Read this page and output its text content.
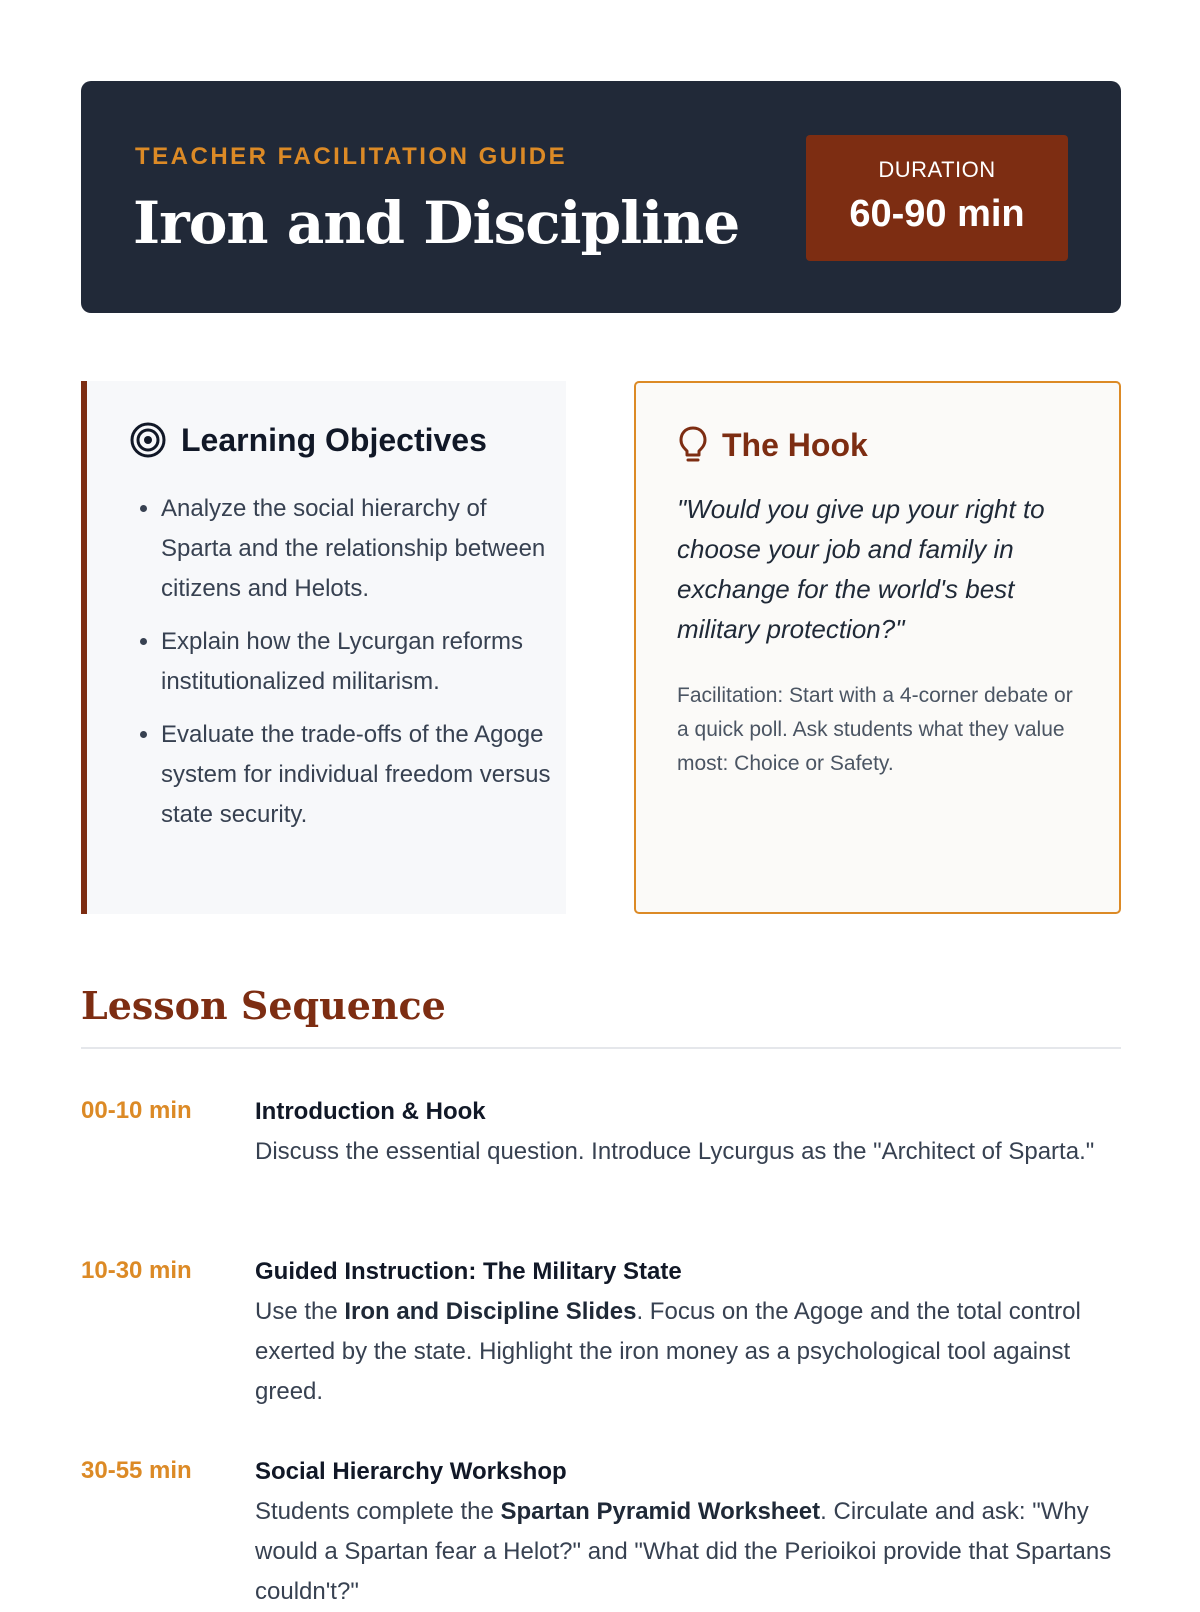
TEACHER FACILITATION GUIDE
Iron and Discipline
DURATION
60-90 min
Learning Objectives
• Analyze the social hierarchy of Sparta and the relationship between citizens and Helots.
• Explain how the Lycurgan reforms institutionalized militarism.
• Evaluate the trade-offs of the Agoge system for individual freedom versus state security.
The Hook
"Would you give up your right to choose your job and family in exchange for the world's best military protection?"
Facilitation: Start with a 4-corner debate or a quick poll. Ask students what they value most: Choice or Safety.
Lesson Sequence
00-10 min	Introduction & Hook
Discuss the essential question. Introduce Lycurgus as the "Architect of Sparta."
10-30 min	Guided Instruction: The Military State
Use the Iron and Discipline Slides. Focus on the Agoge and the total control exerted by the state. Highlight the iron money as a psychological tool against greed.
30-55 min	Social Hierarchy Workshop
Students complete the Spartan Pyramid Worksheet. Circulate and ask: "Why would a Spartan fear a Helot?" and "What did the Perioikoi provide that Spartans couldn't?"
